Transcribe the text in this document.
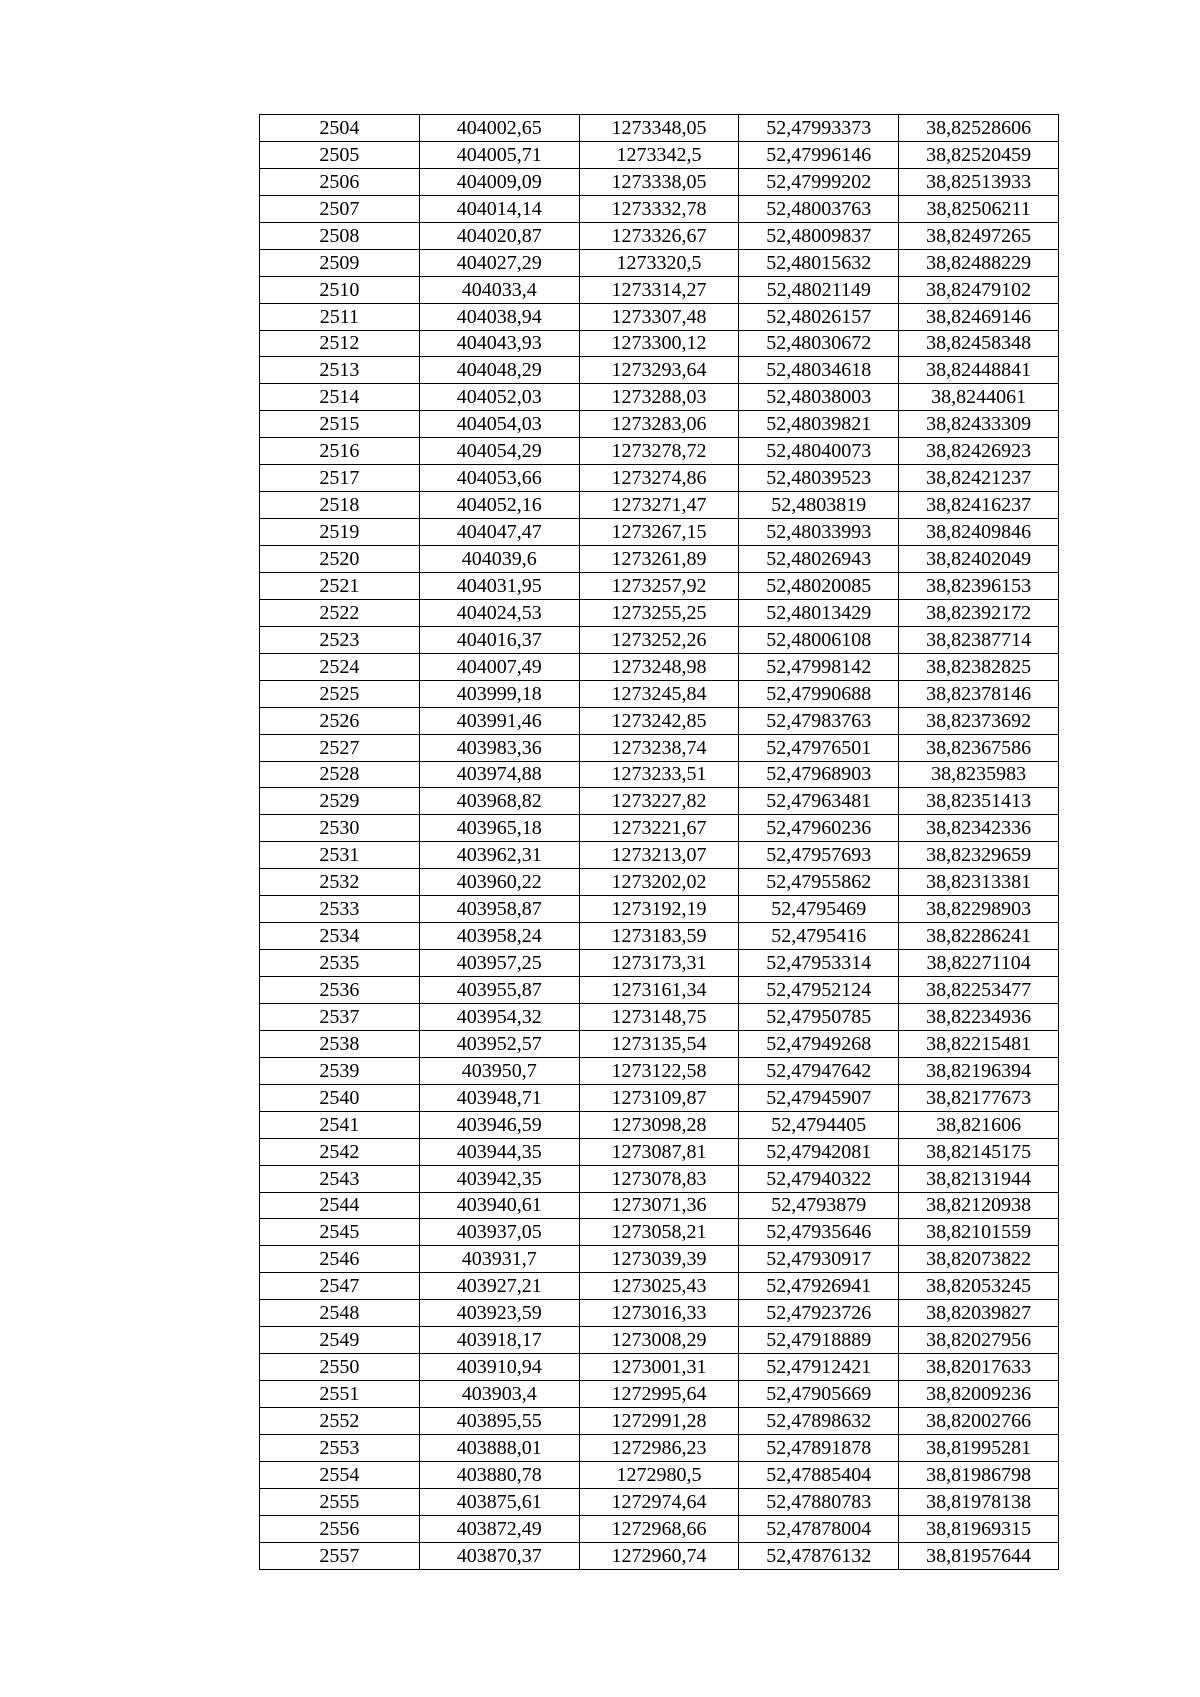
2504	404002,65	1273348,05	52,47993373	38,82528606
2505	404005,71	1273342,5	52,47996146	38,82520459
2506	404009,09	1273338,05	52,47999202	38,82513933
2507	404014,14	1273332,78	52,48003763	38,82506211
2508	404020,87	1273326,67	52,48009837	38,82497265
2509	404027,29	1273320,5	52,48015632	38,82488229
2510	404033,4	1273314,27	52,48021149	38,82479102
2511	404038,94	1273307,48	52,48026157	38,82469146
2512	404043,93	1273300,12	52,48030672	38,82458348
2513	404048,29	1273293,64	52,48034618	38,82448841
2514	404052,03	1273288,03	52,48038003	38,8244061
2515	404054,03	1273283,06	52,48039821	38,82433309
2516	404054,29	1273278,72	52,48040073	38,82426923
2517	404053,66	1273274,86	52,48039523	38,82421237
2518	404052,16	1273271,47	52,4803819	38,82416237
2519	404047,47	1273267,15	52,48033993	38,82409846
2520	404039,6	1273261,89	52,48026943	38,82402049
2521	404031,95	1273257,92	52,48020085	38,82396153
2522	404024,53	1273255,25	52,48013429	38,82392172
2523	404016,37	1273252,26	52,48006108	38,82387714
2524	404007,49	1273248,98	52,47998142	38,82382825
2525	403999,18	1273245,84	52,47990688	38,82378146
2526	403991,46	1273242,85	52,47983763	38,82373692
2527	403983,36	1273238,74	52,47976501	38,82367586
2528	403974,88	1273233,51	52,47968903	38,8235983
2529	403968,82	1273227,82	52,47963481	38,82351413
2530	403965,18	1273221,67	52,47960236	38,82342336
2531	403962,31	1273213,07	52,47957693	38,82329659
2532	403960,22	1273202,02	52,47955862	38,82313381
2533	403958,87	1273192,19	52,4795469	38,82298903
2534	403958,24	1273183,59	52,4795416	38,82286241
2535	403957,25	1273173,31	52,47953314	38,82271104
2536	403955,87	1273161,34	52,47952124	38,82253477
2537	403954,32	1273148,75	52,47950785	38,82234936
2538	403952,57	1273135,54	52,47949268	38,82215481
2539	403950,7	1273122,58	52,47947642	38,82196394
2540	403948,71	1273109,87	52,47945907	38,82177673
2541	403946,59	1273098,28	52,4794405	38,821606
2542	403944,35	1273087,81	52,47942081	38,82145175
2543	403942,35	1273078,83	52,47940322	38,82131944
2544	403940,61	1273071,36	52,4793879	38,82120938
2545	403937,05	1273058,21	52,47935646	38,82101559
2546	403931,7	1273039,39	52,47930917	38,82073822
2547	403927,21	1273025,43	52,47926941	38,82053245
2548	403923,59	1273016,33	52,47923726	38,82039827
2549	403918,17	1273008,29	52,47918889	38,82027956
2550	403910,94	1273001,31	52,47912421	38,82017633
2551	403903,4	1272995,64	52,47905669	38,82009236
2552	403895,55	1272991,28	52,47898632	38,82002766
2553	403888,01	1272986,23	52,47891878	38,81995281
2554	403880,78	1272980,5	52,47885404	38,81986798
2555	403875,61	1272974,64	52,47880783	38,81978138
2556	403872,49	1272968,66	52,47878004	38,81969315
2557	403870,37	1272960,74	52,47876132	38,81957644
